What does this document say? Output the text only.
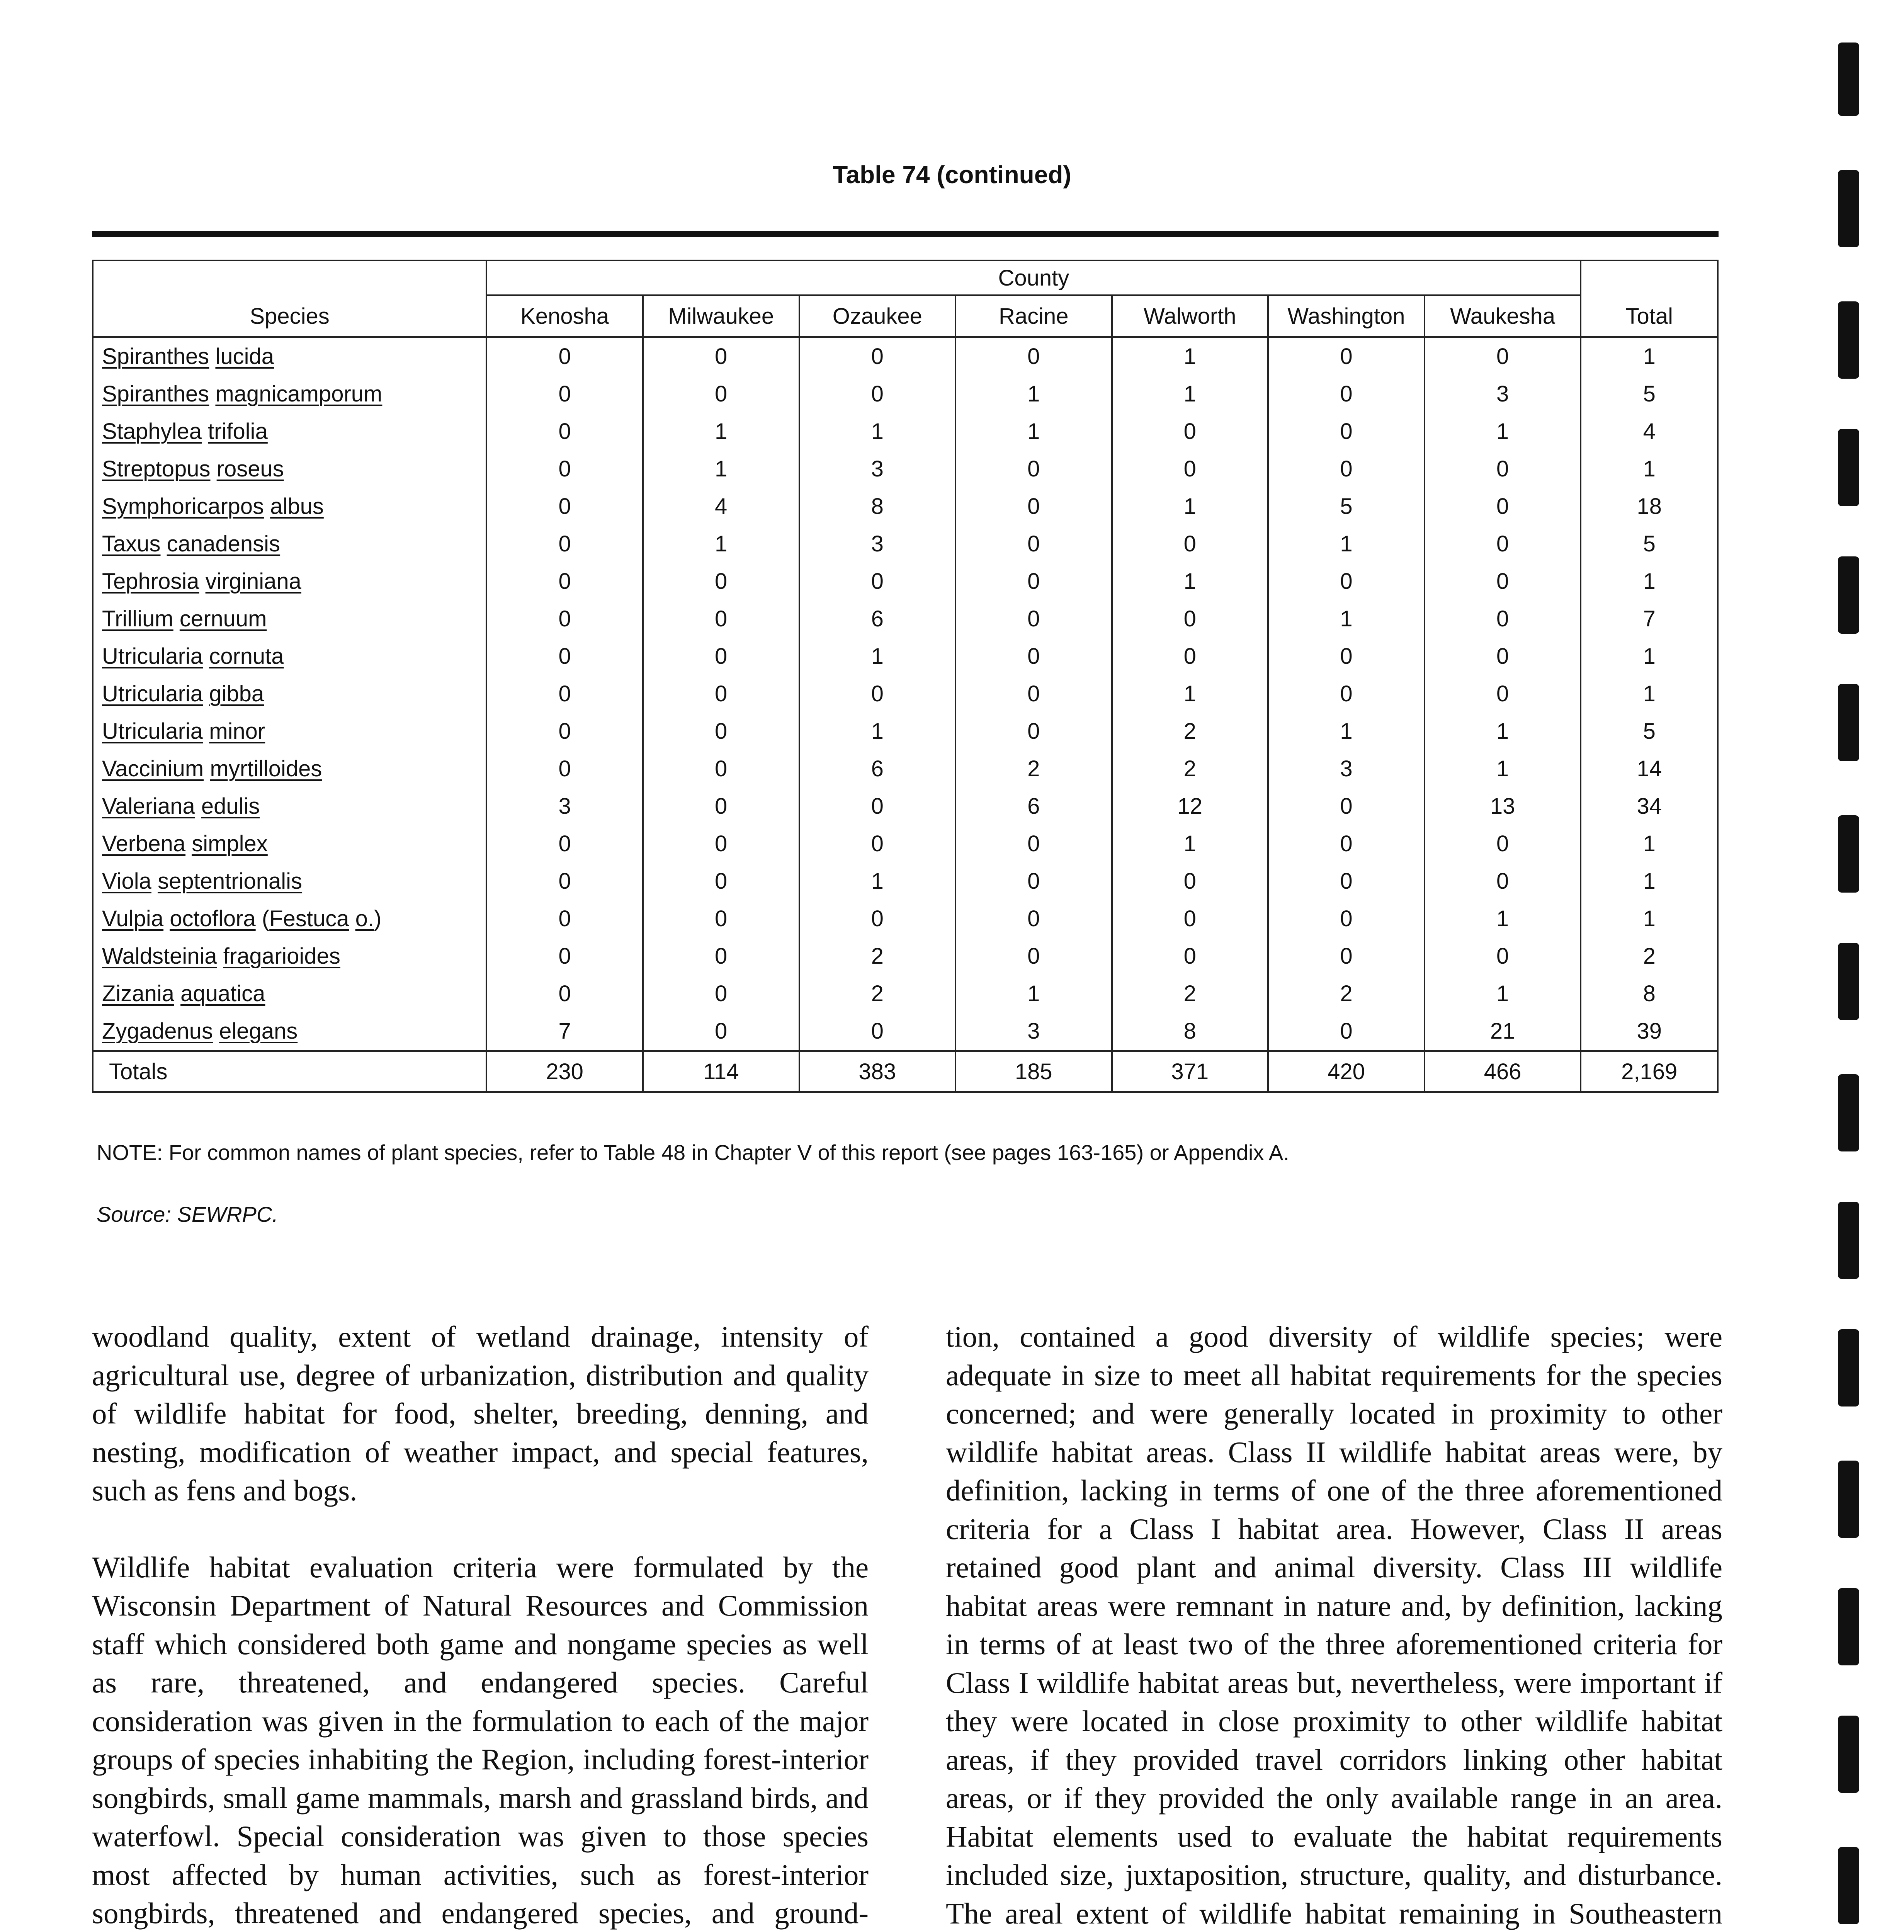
Table 74 (continued)
Species	County							Total
	Kenosha	Milwaukee	Ozaukee	Racine	Walworth	Washington	Waukesha	
Spiranthes lucida	0	0	0	0	1	0	0	1
Spiranthes magnicamporum	0	0	0	1	1	0	3	5
Staphylea trifolia	0	1	1	1	0	0	1	4
Streptopus roseus	0	1	3	0	0	0	0	1
Symphoricarpos albus	0	4	8	0	1	5	0	18
Taxus canadensis	0	1	3	0	0	1	0	5
Tephrosia virginiana	0	0	0	0	1	0	0	1
Trillium cernuum	0	0	6	0	0	1	0	7
Utricularia cornuta	0	0	1	0	0	0	0	1
Utricularia gibba	0	0	0	0	1	0	0	1
Utricularia minor	0	0	1	0	2	1	1	5
Vaccinium myrtilloides	0	0	6	2	2	3	1	14
Valeriana edulis	3	0	0	6	12	0	13	34
Verbena simplex	0	0	0	0	1	0	0	1
Viola septentrionalis	0	0	1	0	0	0	0	1
Vulpia octoflora (Festuca o.)	0	0	0	0	0	0	1	1
Waldsteinia fragarioides	0	0	2	0	0	0	0	2
Zizania aquatica	0	0	2	1	2	2	1	8
Zygadenus elegans	7	0	0	3	8	0	21	39
Totals	230	114	383	185	371	420	466	2,169
NOTE: For common names of plant species, refer to Table 48 in Chapter V of this report (see pages 163-165) or Appendix A.
Source: SEWRPC.

woodland quality, extent of wetland drainage, intensity of agricultural use, degree of urbanization, distribution and quality of wildlife habitat for food, shelter, breeding, denning, and nesting, modification of weather impact, and special features, such as fens and bogs.

Wildlife habitat evaluation criteria were formulated by the Wisconsin Department of Natural Resources and Commission staff which considered both game and nongame species as well as rare, threatened, and endangered species. Careful consideration was given in the formulation to each of the major groups of species inhabiting the Region, including forest-interior songbirds, small game mammals, marsh and grassland birds, and waterfowl. Special consideration was given to those species most affected by human activities, such as forest-interior songbirds, threatened and endangered species, and ground-

tion, contained a good diversity of wildlife species; were adequate in size to meet all habitat requirements for the species concerned; and were generally located in proximity to other wildlife habitat areas. Class II wildlife habitat areas were, by definition, lacking in terms of one of the three aforementioned criteria for a Class I habitat area. However, Class II areas retained good plant and animal diversity. Class III wildlife habitat areas were remnant in nature and, by definition, lacking in terms of at least two of the three aforementioned criteria for Class I wildlife habitat areas but, nevertheless, were important if they were located in close proximity to other wildlife habitat areas, if they provided travel corridors linking other habitat areas, or if they provided the only available range in an area. Habitat elements used to evaluate the habitat requirements included size, juxtaposition, structure, quality, and disturbance. The areal extent of wildlife habitat remaining in Southeastern
